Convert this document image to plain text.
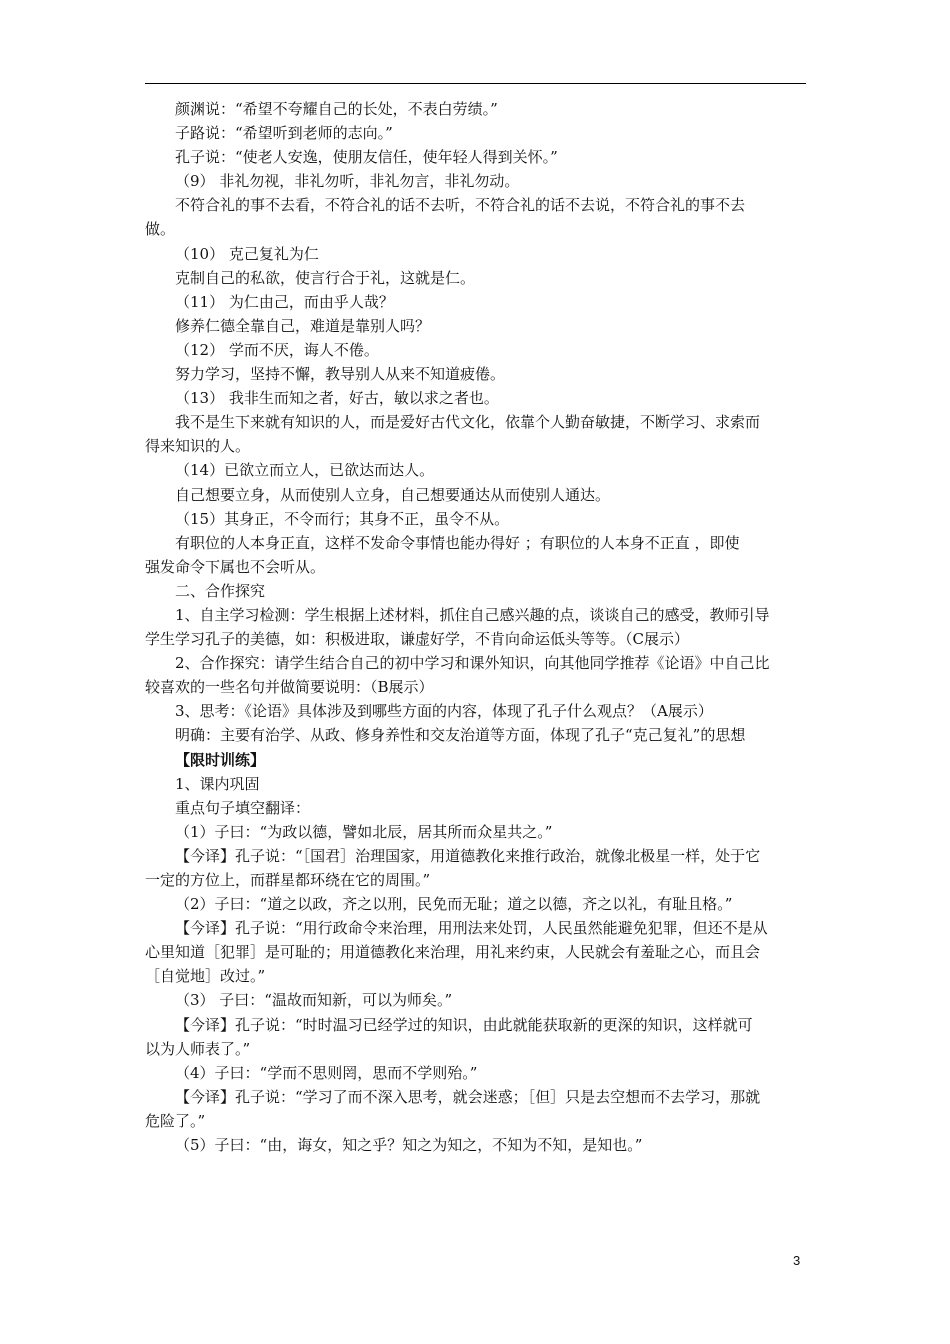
颜渊说：“希望不夸耀自己的长处，不表白劳绩。”
子路说：“希望听到老师的志向。”
孔子说：“使老人安逸，使朋友信任，使年轻人得到关怀。”
（9） 非礼勿视，非礼勿听，非礼勿言，非礼勿动。
不符合礼的事不去看，不符合礼的话不去听，不符合礼的话不去说，不符合礼的事不去
做。
（10） 克己复礼为仁
克制自己的私欲，使言行合于礼，这就是仁。
（11） 为仁由己，而由乎人哉？
修养仁德全靠自己，难道是靠别人吗？
（12） 学而不厌，诲人不倦。
努力学习，坚持不懈，教导别人从来不知道疲倦。
（13） 我非生而知之者，好古，敏以求之者也。
我不是生下来就有知识的人，而是爱好古代文化，依靠个人勤奋敏捷，不断学习、求索而
得来知识的人。
（14）已欲立而立人，已欲达而达人。
自己想要立身，从而使别人立身，自己想要通达从而使别人通达。
（15）其身正，不令而行；其身不正，虽令不从。
有职位的人本身正直，这样不发命令事情也能办得好 ；有职位的人本身不正直 ，即使
强发命令下属也不会听从。
二、合作探究
1、自主学习检测：学生根据上述材料，抓住自己感兴趣的点，谈谈自己的感受，教师引导
学生学习孔子的美德，如：积极进取，谦虚好学，不肯向命运低头等等。（C展示）
2、合作探究：请学生结合自己的初中学习和课外知识，向其他同学推荐《论语》中自己比
较喜欢的一些名句并做简要说明：（B展示）
3、思考：《论语》具体涉及到哪些方面的内容，体现了孔子什么观点？（A展示）
明确：主要有治学、从政、修身养性和交友治道等方面，体现了孔子“克己复礼”的思想
【限时训练】
1、课内巩固
重点句子填空翻译：
（1）子曰：“为政以德，譬如北辰，居其所而众星共之。”
【今译】孔子说：“［国君］治理国家，用道德教化来推行政治，就像北极星一样，处于它
一定的方位上，而群星都环绕在它的周围。”
（2）子曰：“道之以政，齐之以刑，民免而无耻；道之以德，齐之以礼，有耻且格。”
【今译】孔子说：“用行政命令来治理，用刑法来处罚，人民虽然能避免犯罪，但还不是从
心里知道［犯罪］是可耻的；用道德教化来治理，用礼来约束，人民就会有羞耻之心，而且会
［自觉地］改过。”
（3） 子曰：“温故而知新，可以为师矣。”
【今译】孔子说：“时时温习已经学过的知识，由此就能获取新的更深的知识，这样就可
以为人师表了。”
（4）子曰：“学而不思则罔，思而不学则殆。”
【今译】孔子说：“学习了而不深入思考，就会迷惑；［但］只是去空想而不去学习，那就
危险了。”
（5）子曰：“由，诲女，知之乎？知之为知之，不知为不知，是知也。”
3
